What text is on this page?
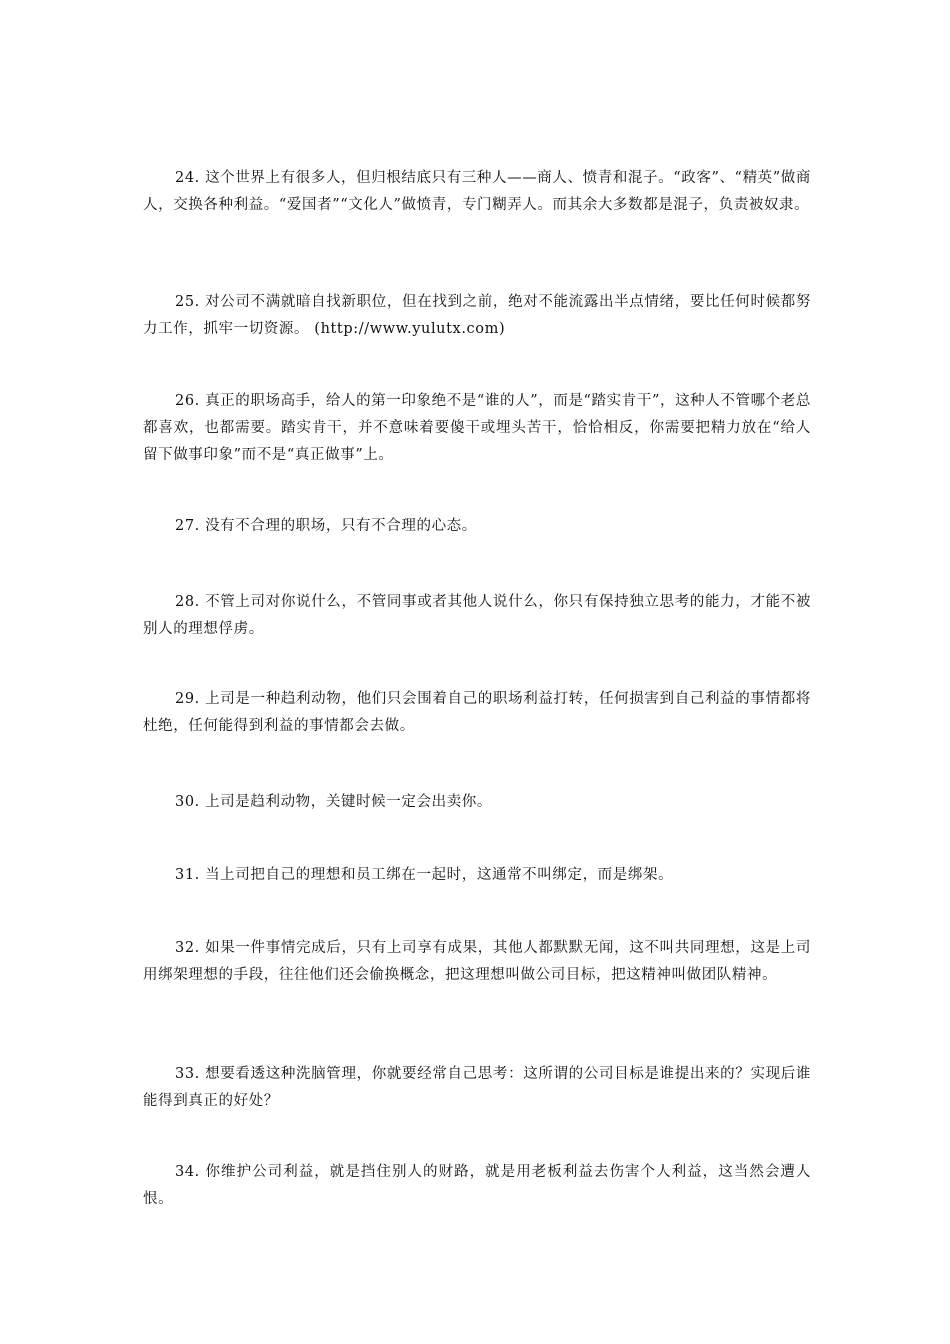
24. 这个世界上有很多人，但归根结底只有三种人——商人、愤青和混子。“政客”、“精英”做商人，交换各种利益。“爱国者”“文化人”做愤青，专门糊弄人。而其余大多数都是混子，负责被奴隶。

25. 对公司不满就暗自找新职位，但在找到之前，绝对不能流露出半点情绪，要比任何时候都努力工作，抓牢一切资源。 (http://www.yulutx.com)

26. 真正的职场高手，给人的第一印象绝不是“谁的人”，而是“踏实肯干”，这种人不管哪个老总都喜欢，也都需要。踏实肯干，并不意味着要傻干或埋头苦干，恰恰相反，你需要把精力放在“给人留下做事印象”而不是“真正做事”上。

27. 没有不合理的职场，只有不合理的心态。

28. 不管上司对你说什么，不管同事或者其他人说什么，你只有保持独立思考的能力，才能不被别人的理想俘虏。

29. 上司是一种趋利动物，他们只会围着自己的职场利益打转，任何损害到自己利益的事情都将杜绝，任何能得到利益的事情都会去做。

30. 上司是趋利动物，关键时候一定会出卖你。

31. 当上司把自己的理想和员工绑在一起时，这通常不叫绑定，而是绑架。

32. 如果一件事情完成后，只有上司享有成果，其他人都默默无闻，这不叫共同理想，这是上司用绑架理想的手段，往往他们还会偷换概念，把这理想叫做公司目标，把这精神叫做团队精神。

33. 想要看透这种洗脑管理，你就要经常自己思考：这所谓的公司目标是谁提出来的？实现后谁能得到真正的好处？

34. 你维护公司利益，就是挡住别人的财路，就是用老板利益去伤害个人利益，这当然会遭人恨。
